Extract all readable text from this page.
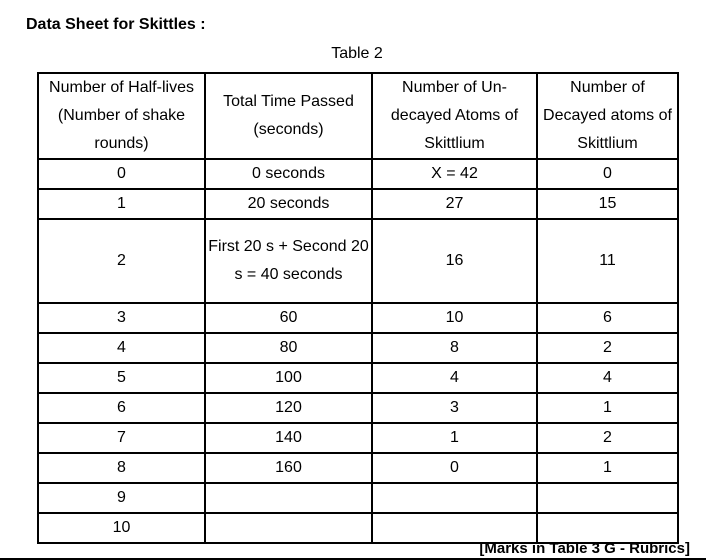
Data Sheet for Skittles :
Table 2
Number of Half-lives (Number of shake rounds)	Total Time Passed (seconds)	Number of Un-decayed Atoms of Skittlium	Number of Decayed atoms of Skittlium
0	0 seconds	X = 42	0
1	20 seconds	27	15
2	First 20 s + Second 20 s = 40 seconds	16	11
3	60	10	6
4	80	8	2
5	100	4	4
6	120	3	1
7	140	1	2
8	160	0	1
9			
10			
[Marks in Table 3 G - Rubrics]
